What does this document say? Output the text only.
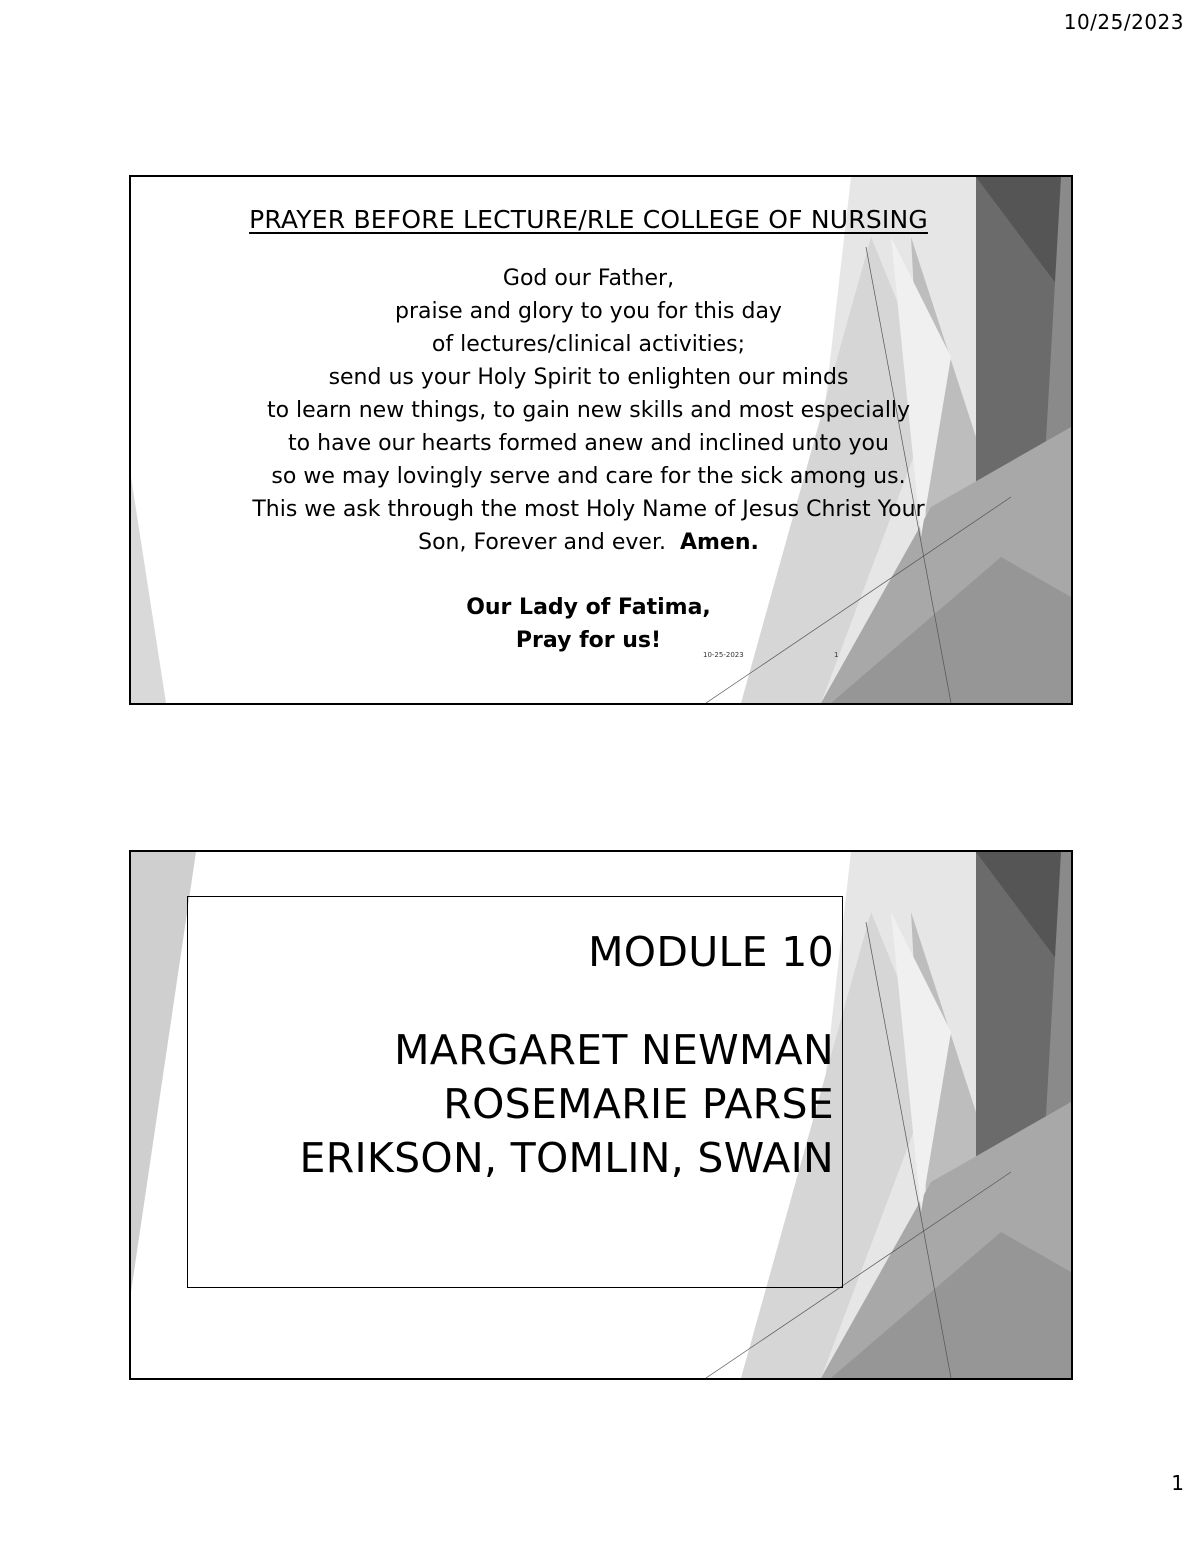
10/25/2023
PRAYER BEFORE LECTURE/RLE COLLEGE OF NURSING
God our Father,
praise and glory to you for this day
of lectures/clinical activities;
send us your Holy Spirit to enlighten our minds
to learn new things, to gain new skills and most especially
to have our hearts formed anew and inclined unto you
so we may lovingly serve and care for the sick among us.
This we ask through the most Holy Name of Jesus Christ Your
Son, Forever and ever. Amen.
Our Lady of Fatima,
Pray for us!
10-25-2023	1
MODULE 10
MARGARET NEWMAN
ROSEMARIE PARSE
ERIKSON, TOMLIN, SWAIN
1
